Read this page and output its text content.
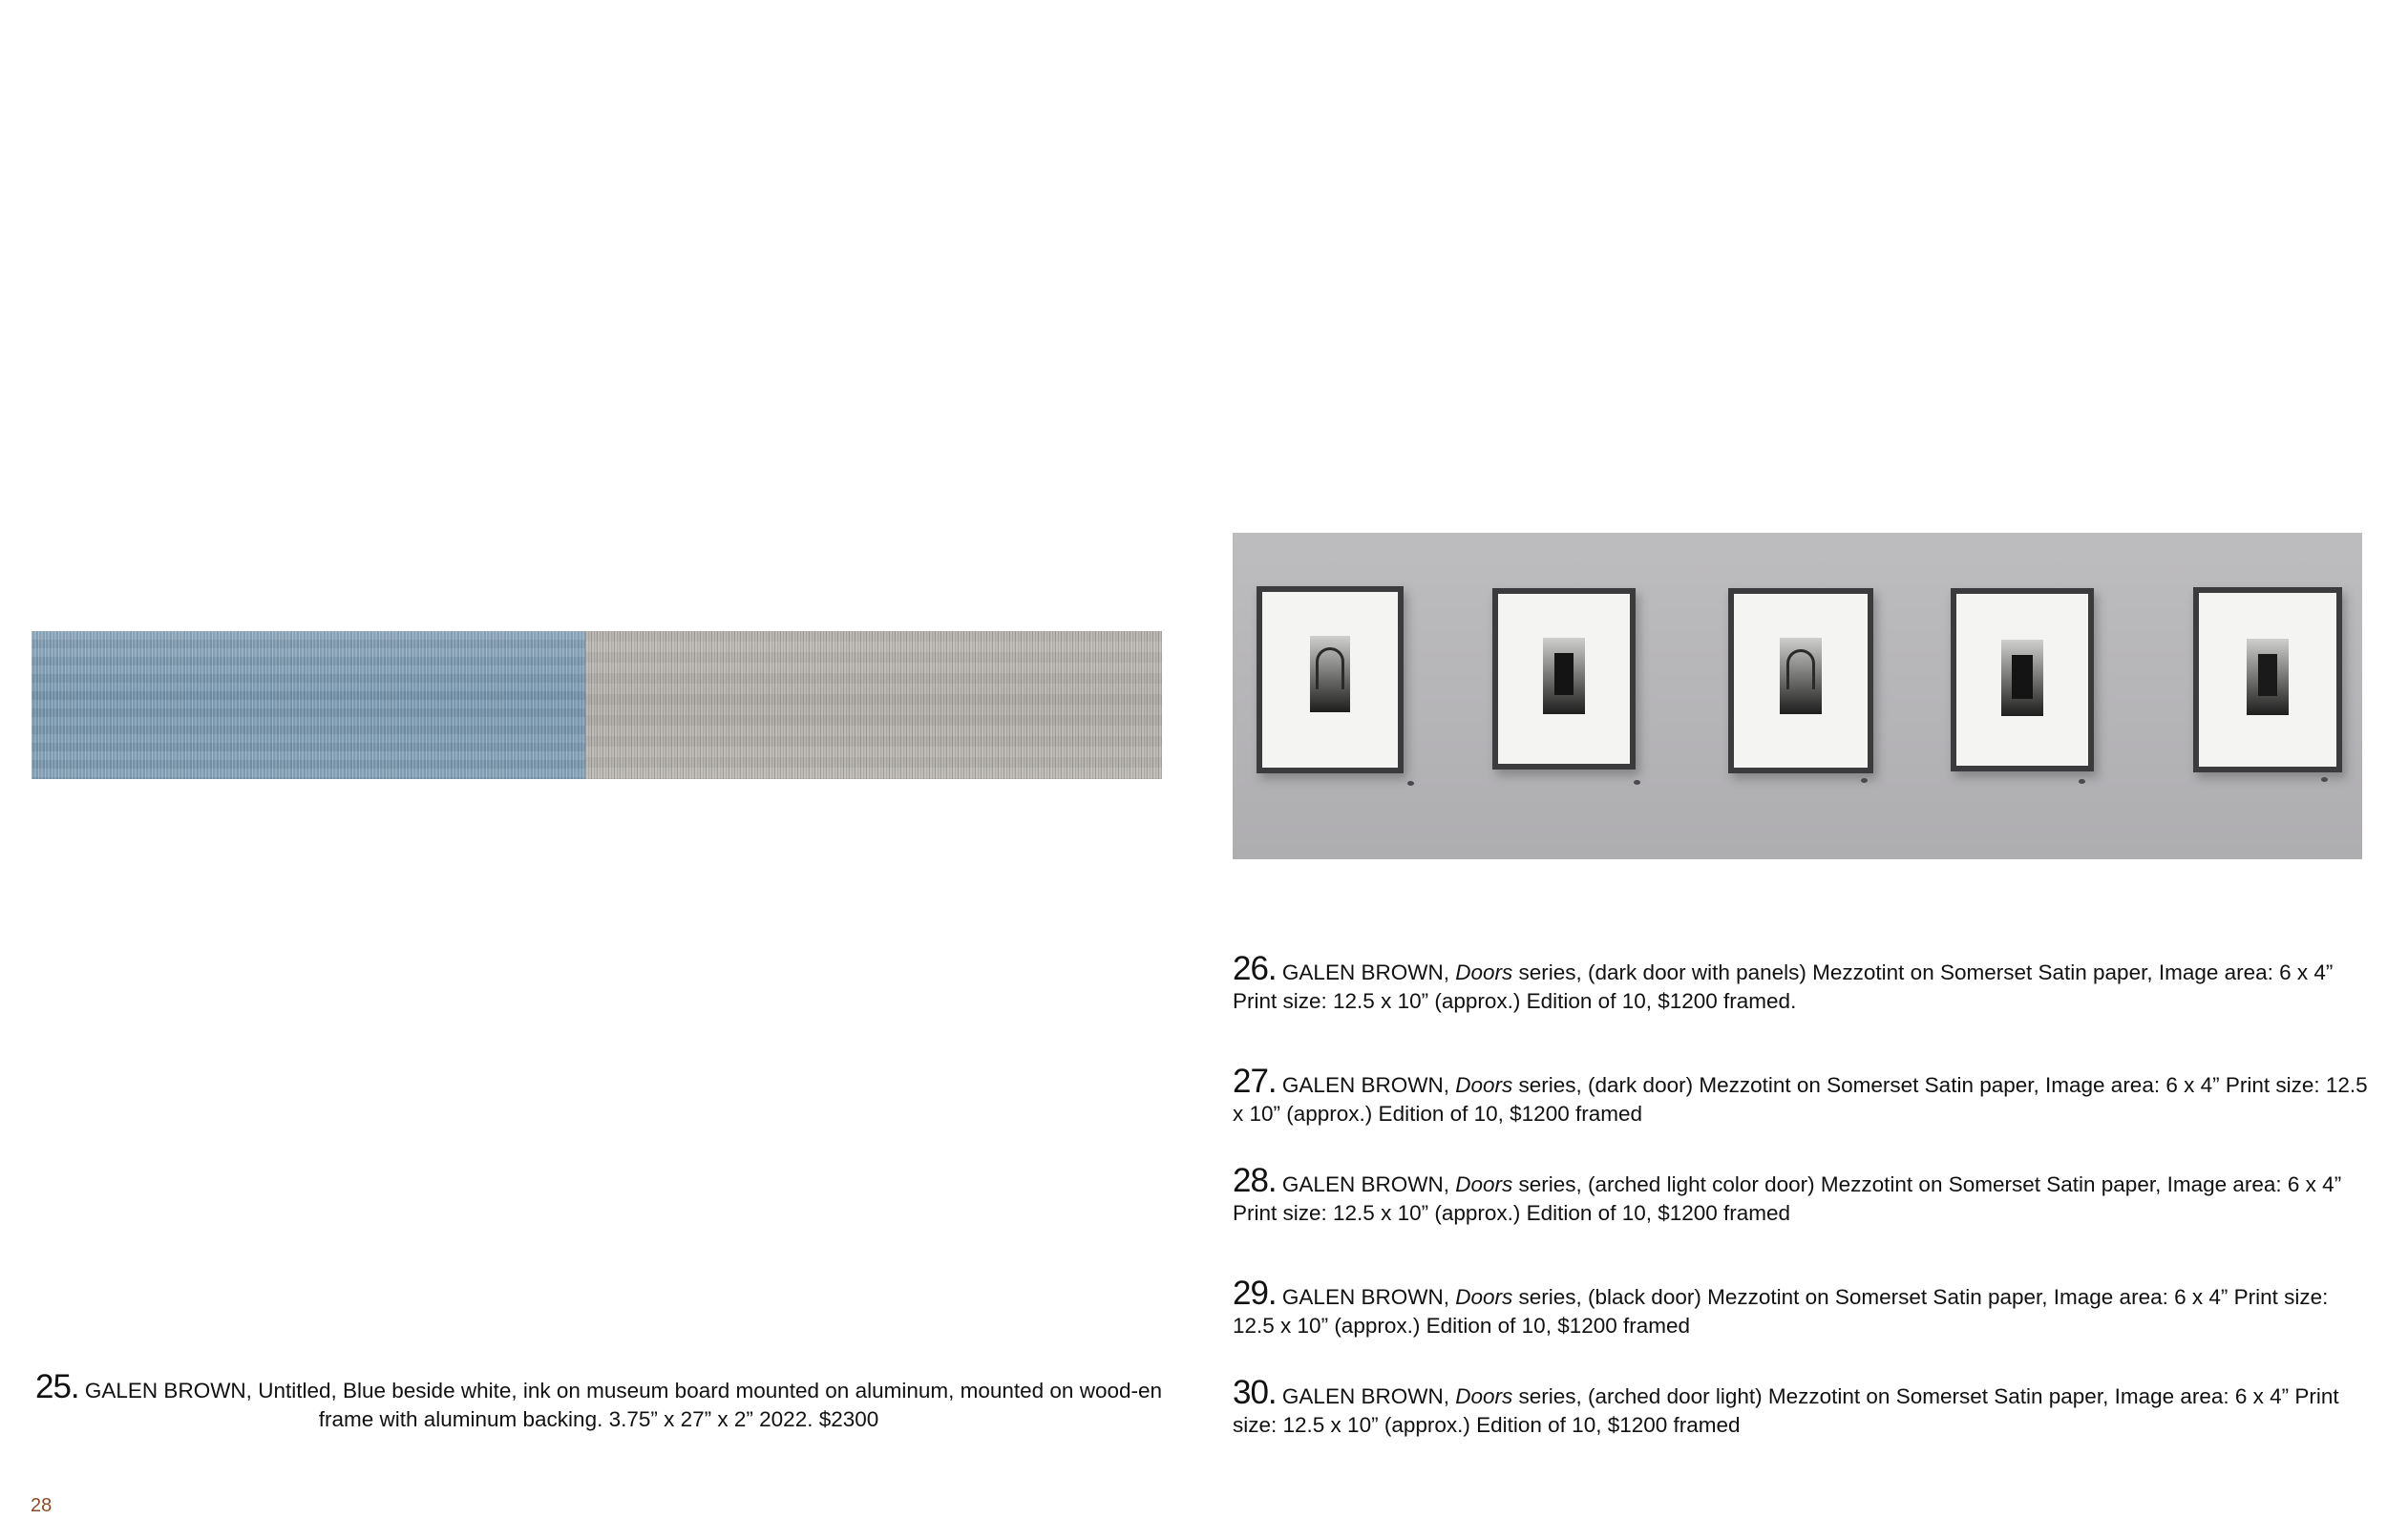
25. GALEN BROWN, Untitled, Blue beside white, ink on museum board mounted on aluminum, mounted on wood-en frame with aluminum backing. 3.75” x 27” x 2” 2022. $2300
26. GALEN BROWN, Doors series, (dark door with panels) Mezzotint on Somerset Satin paper, Image area: 6 x 4” Print size: 12.5 x 10” (approx.) Edition of 10, $1200 framed.
27. GALEN BROWN, Doors series, (dark door) Mezzotint on Somerset Satin paper, Image area: 6 x 4” Print size: 12.5 x 10” (approx.) Edition of 10, $1200 framed
28. GALEN BROWN, Doors series, (arched light color door) Mezzotint on Somerset Satin paper, Image area: 6 x 4” Print size: 12.5 x 10” (approx.) Edition of 10, $1200 framed
29. GALEN BROWN, Doors series, (black door) Mezzotint on Somerset Satin paper, Image area: 6 x 4” Print size: 12.5 x 10” (approx.) Edition of 10, $1200 framed
30. GALEN BROWN, Doors series, (arched door light) Mezzotint on Somerset Satin paper, Image area: 6 x 4” Print size: 12.5 x 10” (approx.) Edition of 10, $1200 framed
28
